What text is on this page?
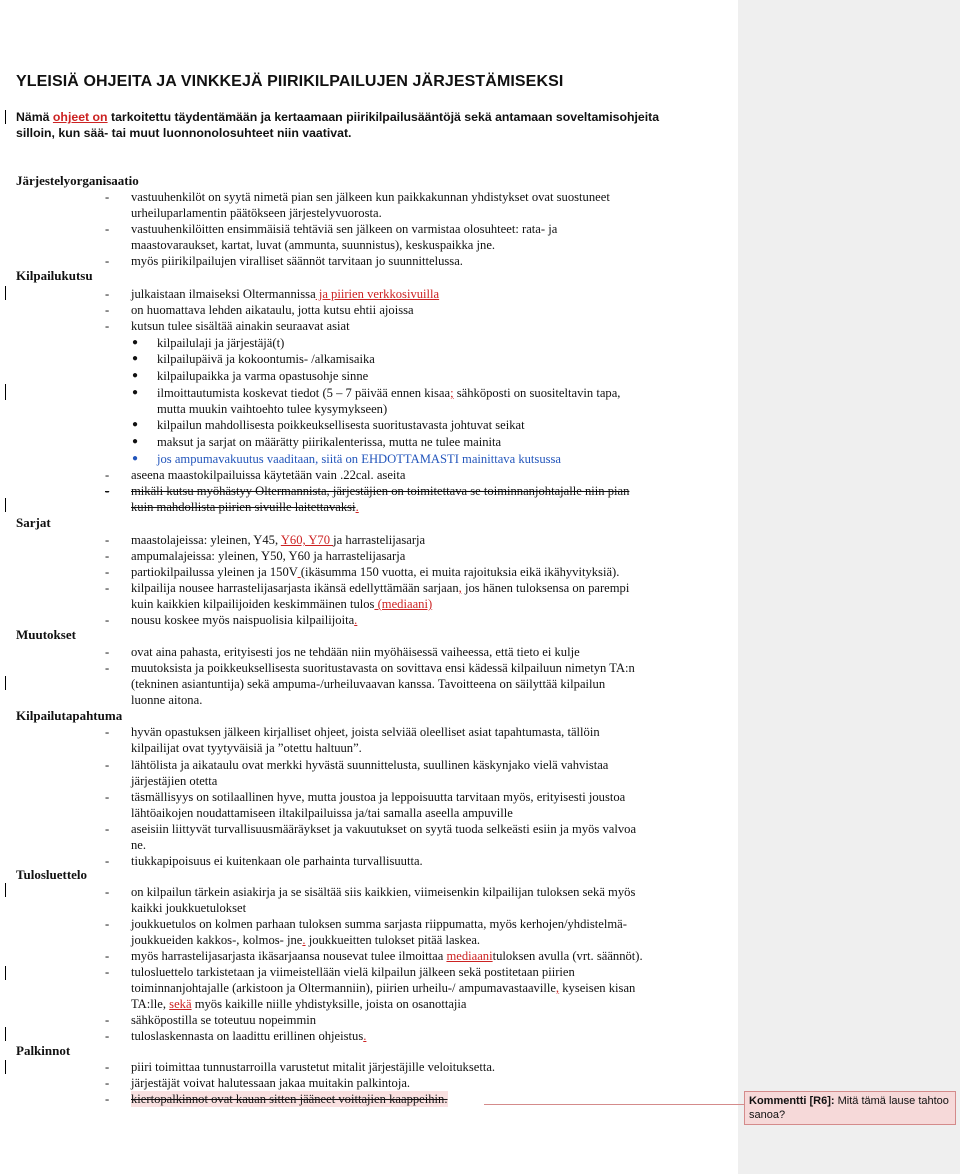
YLEISIÄ OHJEITA JA VINKKEJÄ PIIRIKILPAILUJEN JÄRJESTÄMISEKSI
Nämä ohjeet on tarkoitettu täydentämään ja kertaamaan piirikilpailusääntöjä sekä antamaan soveltamisohjeita
silloin, kun sää- tai muut luonnonolosuhteet niin vaativat.
Järjestelyorganisaatio
- vastuuhenkilöt on syytä nimetä pian sen jälkeen kun paikkakunnan yhdistykset ovat suostuneet
urheiluparlamentin päätökseen järjestelyvuorosta.
- vastuuhenkilöitten ensimmäisiä tehtäviä sen jälkeen on varmistaa olosuhteet: rata- ja
maastovaraukset, kartat, luvat (ammunta, suunnistus), keskuspaikka jne.
- myös piirikilpailujen viralliset säännöt tarvitaan jo suunnittelussa.
Kilpailukutsu
- julkaistaan ilmaiseksi Oltermannissa ja piirien verkkosivuilla
- on huomattava lehden aikataulu, jotta kutsu ehtii ajoissa
- kutsun tulee sisältää ainakin seuraavat asiat
● kilpailulaji ja järjestäjä(t)
● kilpailupäivä ja kokoontumis- /alkamisaika
● kilpailupaikka ja varma opastusohje sinne
● ilmoittautumista koskevat tiedot (5 – 7 päivää ennen kisaa; sähköposti on suositeltavin tapa,
mutta muukin vaihtoehto tulee kysymykseen)
● kilpailun mahdollisesta poikkeuksellisesta suoritustavasta johtuvat seikat
● maksut ja sarjat on määrätty piirikalenterissa, mutta ne tulee mainita
● jos ampumavakuutus vaaditaan, siitä on EHDOTTAMASTI mainittava kutsussa
- aseena maastokilpailuissa käytetään vain .22cal. aseita
- mikäli kutsu myöhästyy Oltermannista, järjestäjien on toimitettava se toiminnanjohtajalle niin pian
kuin mahdollista piirien sivuille laitettavaksi.
Sarjat
- maastolajeissa: yleinen, Y45, Y60, Y70 ja harrastelijasarja
- ampumalajeissa: yleinen, Y50, Y60 ja harrastelijasarja
- partiokilpailussa yleinen ja 150V (ikäsumma 150 vuotta, ei muita rajoituksia eikä ikähyvityksiä).
- kilpailija nousee harrastelijasarjasta ikänsä edellyttämään sarjaan, jos hänen tuloksensa on parempi
kuin kaikkien kilpailijoiden keskimmäinen tulos (mediaani)
- nousu koskee myös naispuolisia kilpailijoita.
Muutokset
- ovat aina pahasta, erityisesti jos ne tehdään niin myöhäisessä vaiheessa, että tieto ei kulje
- muutoksista ja poikkeuksellisesta suoritustavasta on sovittava ensi kädessä kilpailuun nimetyn TA:n
(tekninen asiantuntija) sekä ampuma-/urheiluvaavan kanssa. Tavoitteena on säilyttää kilpailun
luonne aitona.
Kilpailutapahtuma
- hyvän opastuksen jälkeen kirjalliset ohjeet, joista selviää oleelliset asiat tapahtumasta, tällöin
kilpailijat ovat tyytyväisiä ja ”otettu haltuun”.
- lähtölista ja aikataulu ovat merkki hyvästä suunnittelusta, suullinen käskynjako vielä vahvistaa
järjestäjien otetta
- täsmällisyys on sotilaallinen hyve, mutta joustoa ja leppoisuutta tarvitaan myös, erityisesti joustoa
lähtöaikojen noudattamiseen iltakilpailuissa ja/tai samalla aseella ampuville
- aseisiin liittyvät turvallisuusmääräykset ja vakuutukset on syytä tuoda selkeästi esiin ja myös valvoa
ne.
- tiukkapipoisuus ei kuitenkaan ole parhainta turvallisuutta.
Tulosluettelo
- on kilpailun tärkein asiakirja ja se sisältää siis kaikkien, viimeisenkin kilpailijan tuloksen sekä myös
kaikki joukkuetulokset
- joukkuetulos on kolmen parhaan tuloksen summa sarjasta riippumatta, myös kerhojen/yhdistelmä-
joukkueiden kakkos-, kolmos- jne. joukkueitten tulokset pitää laskea.
- myös harrastelijasarjasta ikäsarjaansa nousevat tulee ilmoittaa mediaanituloksen avulla (vrt. säännöt).
- tulosluettelo tarkistetaan ja viimeistellään vielä kilpailun jälkeen sekä postitetaan piirien
toiminnanjohtajalle (arkistoon ja Oltermanniin), piirien urheilu-/ ampumavastaaville, kyseisen kisan
TA:lle, sekä myös kaikille niille yhdistyksille, joista on osanottajia
- sähköpostilla se toteutuu nopeimmin
- tuloslaskennasta on laadittu erillinen ohjeistus.
Palkinnot
- piiri toimittaa tunnustarroilla varustetut mitalit järjestäjille veloituksetta.
- järjestäjät voivat halutessaan jakaa muitakin palkintoja.
- kiertopalkinnot ovat kauan sitten jääneet voittajien kaappeihin.	Kommentti [R6]: Mitä tämä lause tahtoo sanoa?
